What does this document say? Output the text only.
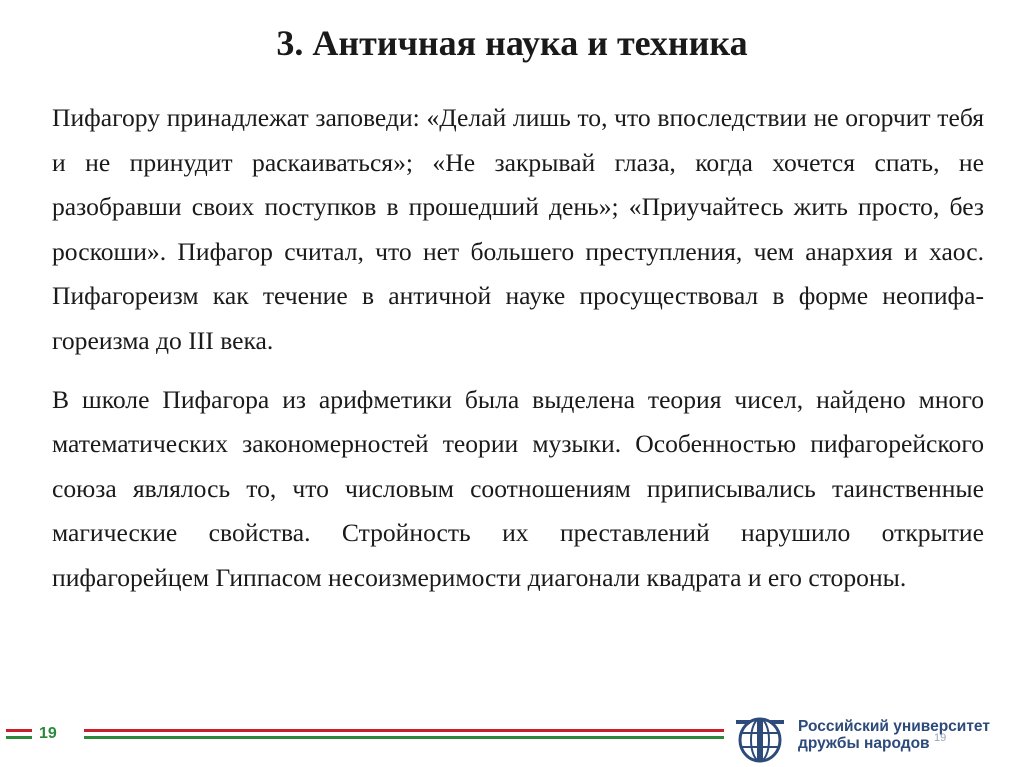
3. Античная наука и техника

Пифагору принадлежат заповеди: «Делай лишь то, что впоследствии не огорчит тебя и не принудит раскаиваться»; «Не закрывай глаза, когда хочется спать, не разобравши своих поступков в прошедший день»; «Приучайтесь жить просто, без роскоши». Пифагор считал, что нет большего преступления, чем анархия и хаос. Пифагореизм как течение в античной науке просуществовал в форме неопифагореизма до III века.

В школе Пифагора из арифметики была выделена теория чисел, найдено много математических закономерностей теории музыки. Особенностью пифагорейского союза являлось то, что числовым соотношениям приписывались таинственные магические свойства. Стройность их преставлений нарушило открытие пифагорейцем Гиппасом несоизмеримости диагонали квадрата и его стороны.

19	Российский университет
дружбы народов 19
